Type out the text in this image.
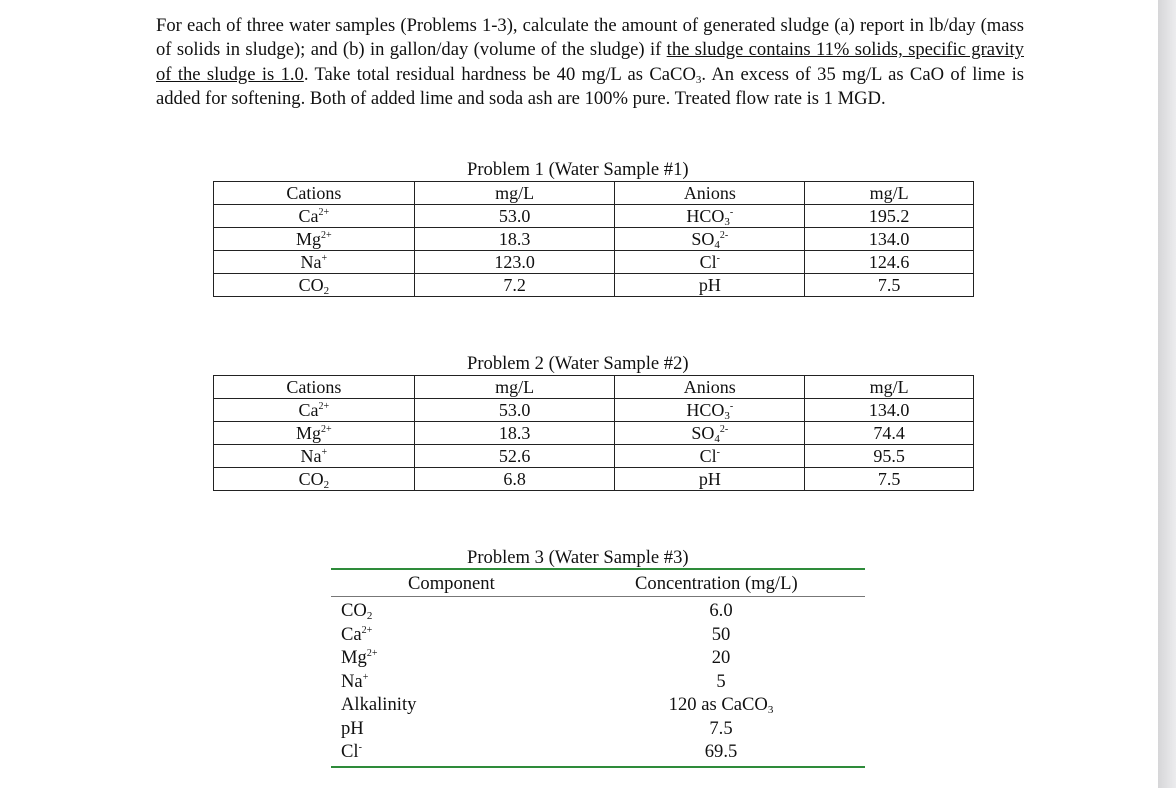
For each of three water samples (Problems 1-3), calculate the amount of generated sludge (a) report in lb/day (mass of solids in sludge); and (b) in gallon/day (volume of the sludge) if the sludge contains 11% solids, specific gravity of the sludge is 1.0. Take total residual hardness be 40 mg/L as CaCO$_3$. An excess of 35 mg/L as CaO of lime is added for softening. Both of added lime and soda ash are 100% pure. Treated flow rate is 1 MGD.
Problem 1 (Water Sample #1)
Cations	mg/L	Anions	mg/L
$Ca^{2+}$	53.0	$HCO_3^-$	195.2
$Mg^{2+}$	18.3	$SO_4^{2-}$	134.0
Na+	123.0	Cl-	124.6
$CO_2$	7.2	pH	7.5
Problem 2 (Water Sample #2)
Cations	mg/L	Anions	mg/L
$Ca^{2+}$	53.0	$HCO_3^-$	134.0
$Mg^{2+}$	18.3	$SO_4^{2-}$	74.4
Na+	52.6	Cl-	95.5
$CO_2$	6.8	pH	7.5
Problem 3 (Water Sample #3)
Component	Concentration (mg/L)
$CO_2$	6.0
$Ca^{2+}$	50
$Mg^{2+}$	20
Na+	5
Alkalinity	120 as CaCO$_3$
pH	7.5
Cl-	69.5
